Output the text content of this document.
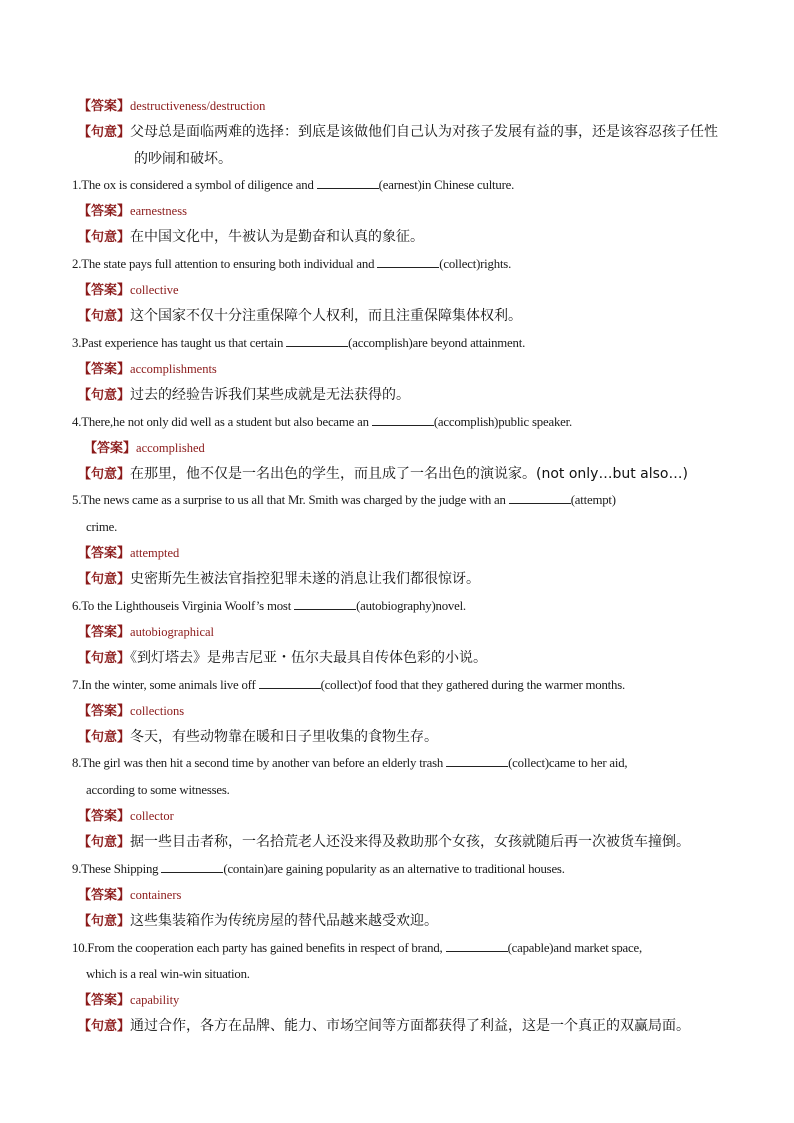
【答案】destructiveness/destruction
【句意】父母总是面临两难的选择：到底是该做他们自己认为对孩子发展有益的事，还是该容忍孩子任性
的吵闹和破坏。
1.The ox is considered a symbol of diligence and	(earnest)in Chinese culture.
【答案】earnestness
【句意】在中国文化中，牛被认为是勤奋和认真的象征。
2.The state pays full attention to ensuring both individual and	(collect)rights.
【答案】collective
【句意】这个国家不仅十分注重保障个人权利，而且注重保障集体权利。
3.Past experience has taught us that certain	(accomplish)are beyond attainment.
【答案】accomplishments
【句意】过去的经验告诉我们某些成就是无法获得的。
4.There,he not only did well as a student but also became an	(accomplish)public speaker.
【答案】accomplished
【句意】在那里，他不仅是一名出色的学生，而且成了一名出色的演说家。(not only…but also…)
5.The news came as a surprise to us all that Mr. Smith was charged by the judge with an	(attempt)
crime.
【答案】attempted
【句意】史密斯先生被法官指控犯罪未遂的消息让我们都很惊讶。
6.To the Lighthouseis Virginia Woolf’s most	(autobiography)novel.
【答案】autobiographical
【句意】《到灯塔去》是弗吉尼亚・伍尔夫最具自传体色彩的小说。
7.In the winter, some animals live off	(collect)of food that they gathered during the warmer months.
【答案】collections
【句意】冬天，有些动物靠在暖和日子里收集的食物生存。
8.The girl was then hit a second time by another van before an elderly trash	(collect)came to her aid,
according to some witnesses.
【答案】collector
【句意】据一些目击者称，一名拾荒老人还没来得及救助那个女孩，女孩就随后再一次被货车撞倒。
9.These Shipping	(contain)are gaining popularity as an alternative to traditional houses.
【答案】containers
【句意】这些集装箱作为传统房屋的替代品越来越受欢迎。
10.From the cooperation each party has gained benefits in respect of brand,	(capable)and market space,
which is a real win-win situation.
【答案】capability
【句意】通过合作，各方在品牌、能力、市场空间等方面都获得了利益，这是一个真正的双赢局面。
